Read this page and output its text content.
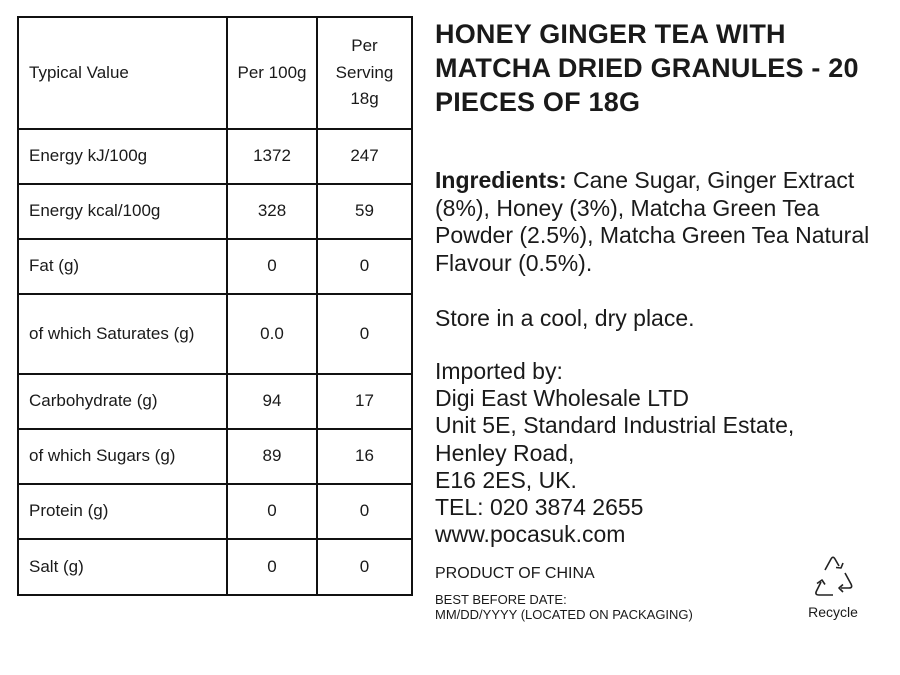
Typical Value	Per 100g	Per Serving 18g
Energy kJ/100g	1372	247
Energy kcal/100g	328	59
Fat (g)	0	0
of which Saturates (g)	0.0	0
Carbohydrate (g)	94	17
of which Sugars (g)	89	16
Protein (g)	0	0
Salt (g)	0	0
HONEY GINGER TEA WITH MATCHA DRIED GRANULES - 20 PIECES OF 18G

Ingredients: Cane Sugar, Ginger Extract (8%), Honey (3%), Matcha Green Tea Powder (2.5%), Matcha Green Tea Natural Flavour (0.5%).

Store in a cool, dry place.

Imported by:
Digi East Wholesale LTD
Unit 5E, Standard Industrial Estate,
Henley Road,
E16 2ES, UK.
TEL: 020 3874 2655
www.pocasuk.com

PRODUCT OF CHINA

BEST BEFORE DATE:
MM/DD/YYYY (LOCATED ON PACKAGING)	Recycle
